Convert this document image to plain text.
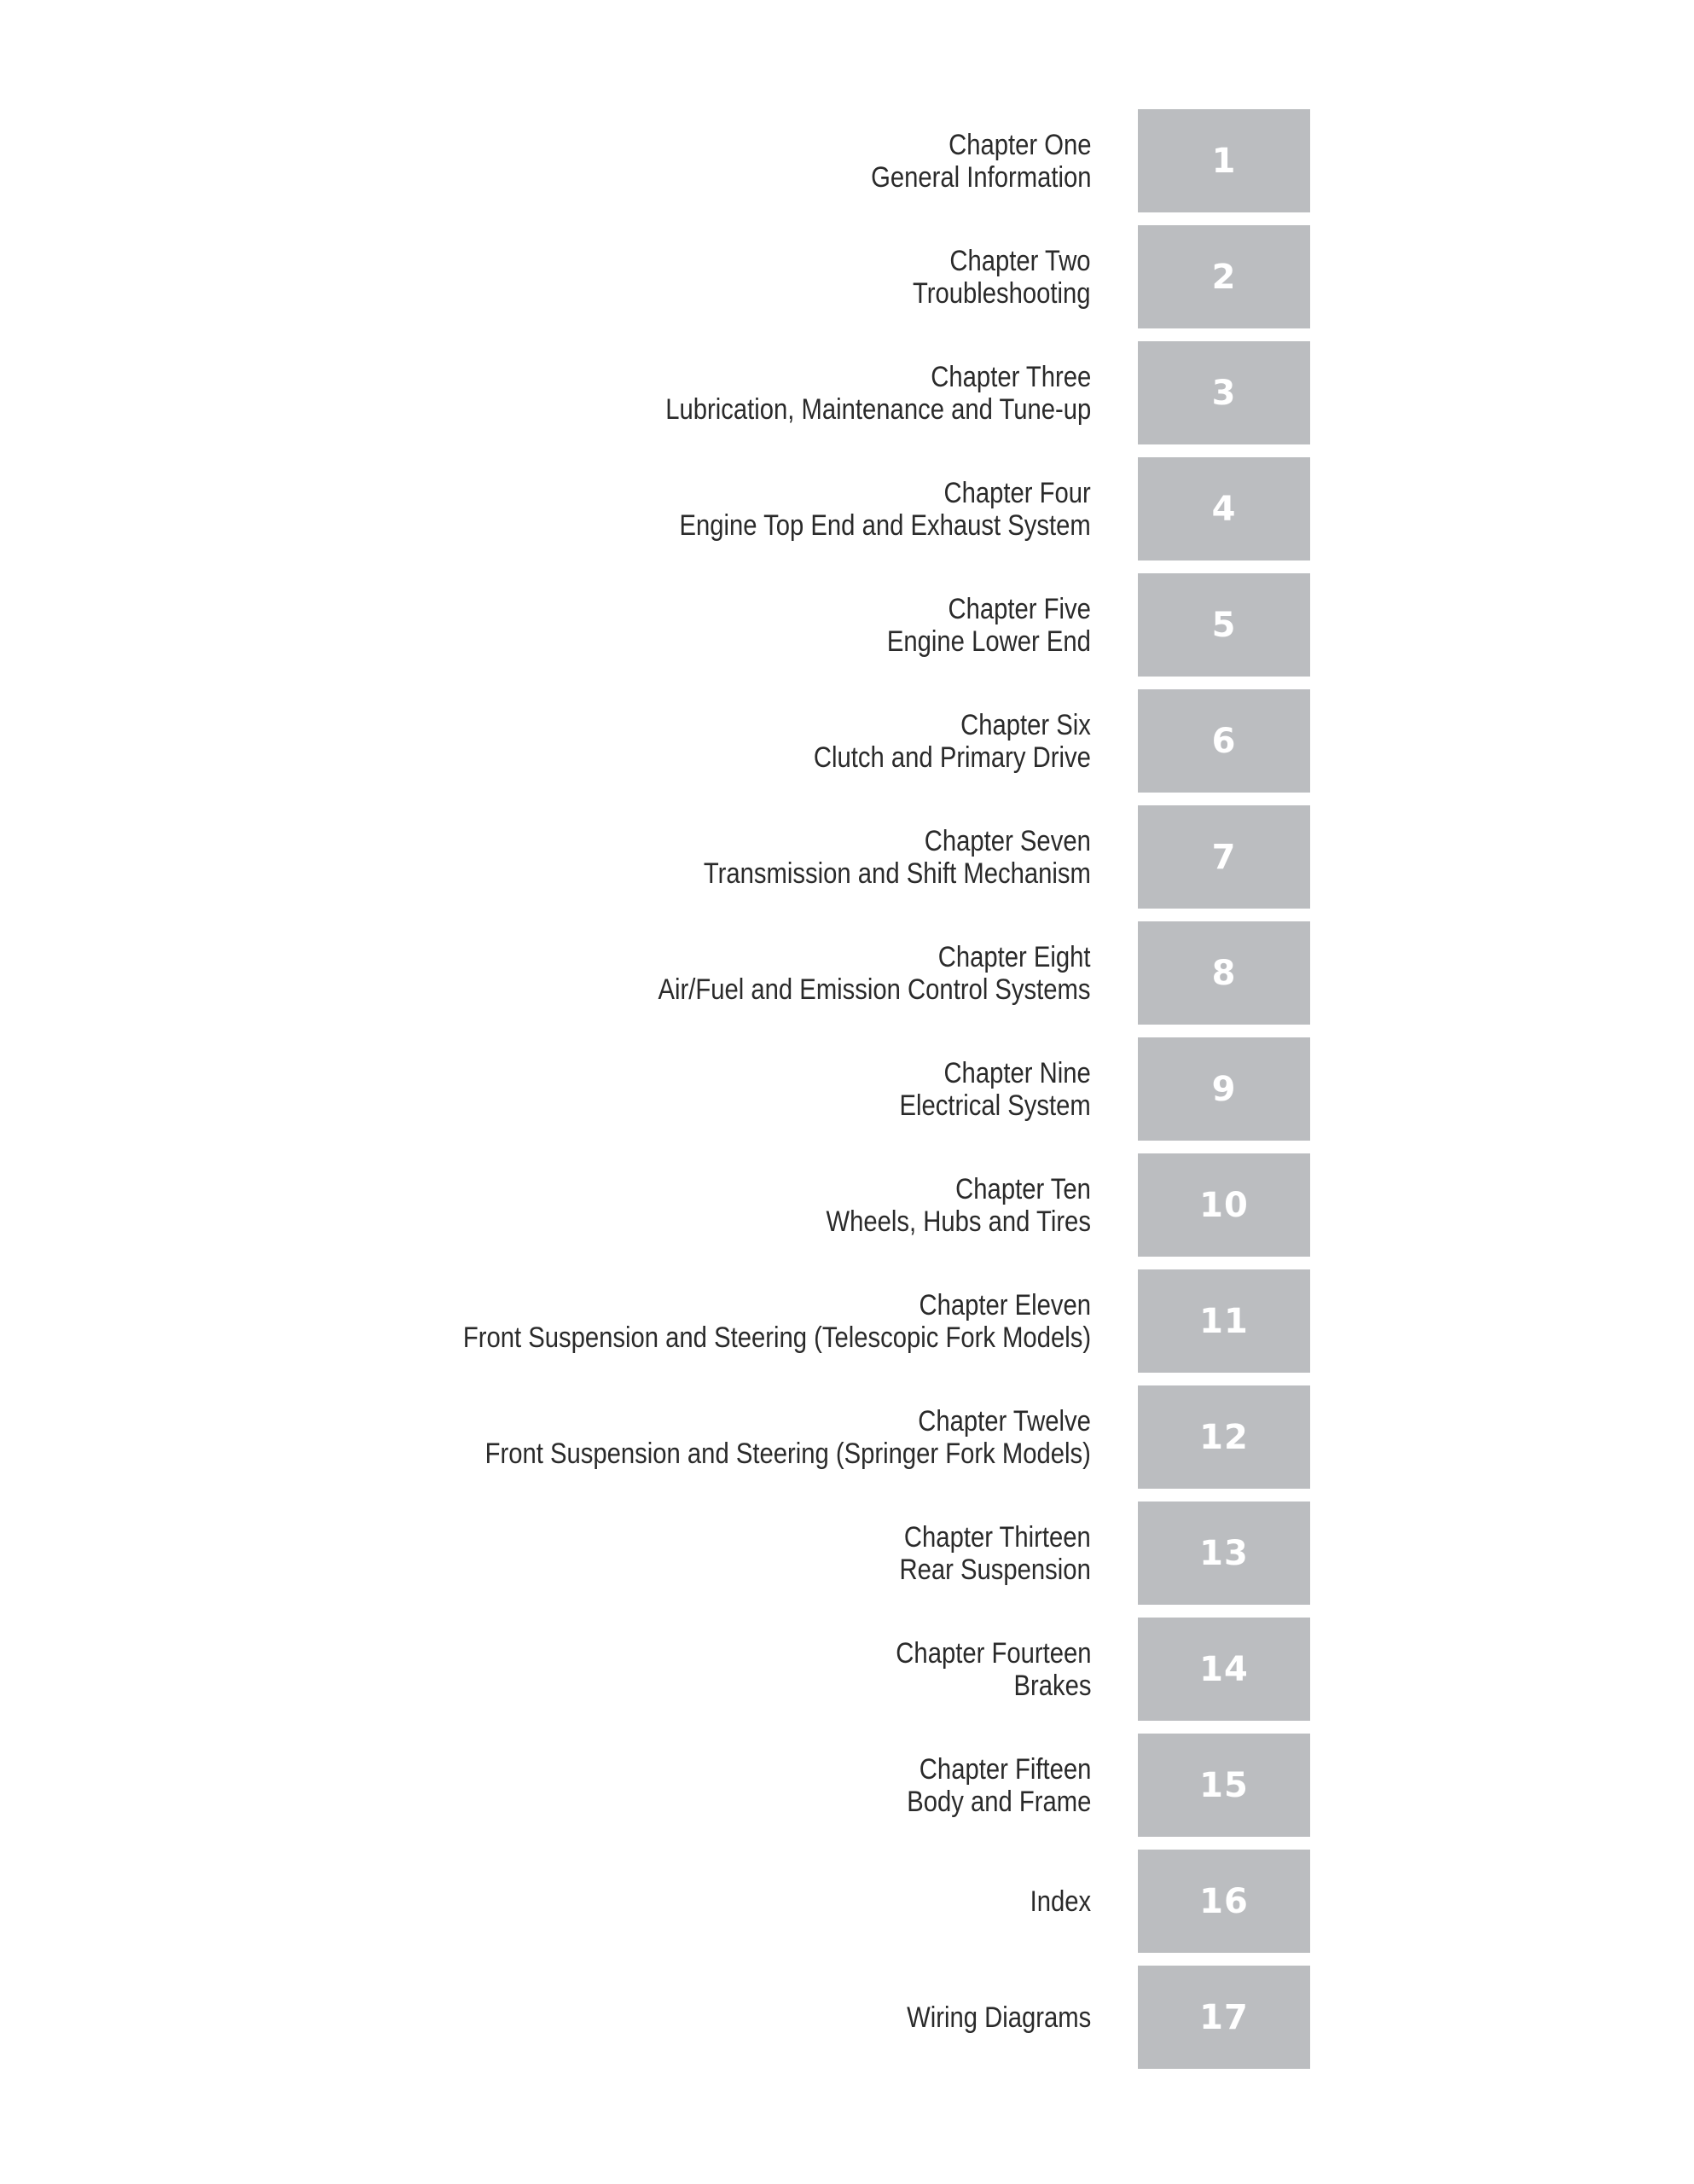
Chapter One
General Information	1
Chapter Two
Troubleshooting	2
Chapter Three
Lubrication, Maintenance and Tune-up	3
Chapter Four
Engine Top End and Exhaust System	4
Chapter Five
Engine Lower End	5
Chapter Six
Clutch and Primary Drive	6
Chapter Seven
Transmission and Shift Mechanism	7
Chapter Eight
Air/Fuel and Emission Control Systems	8
Chapter Nine
Electrical System	9
Chapter Ten
Wheels, Hubs and Tires	10
Chapter Eleven
Front Suspension and Steering (Telescopic Fork Models)	11
Chapter Twelve
Front Suspension and Steering (Springer Fork Models)	12
Chapter Thirteen
Rear Suspension	13
Chapter Fourteen
Brakes	14
Chapter Fifteen
Body and Frame	15
Index	16
Wiring Diagrams	17
